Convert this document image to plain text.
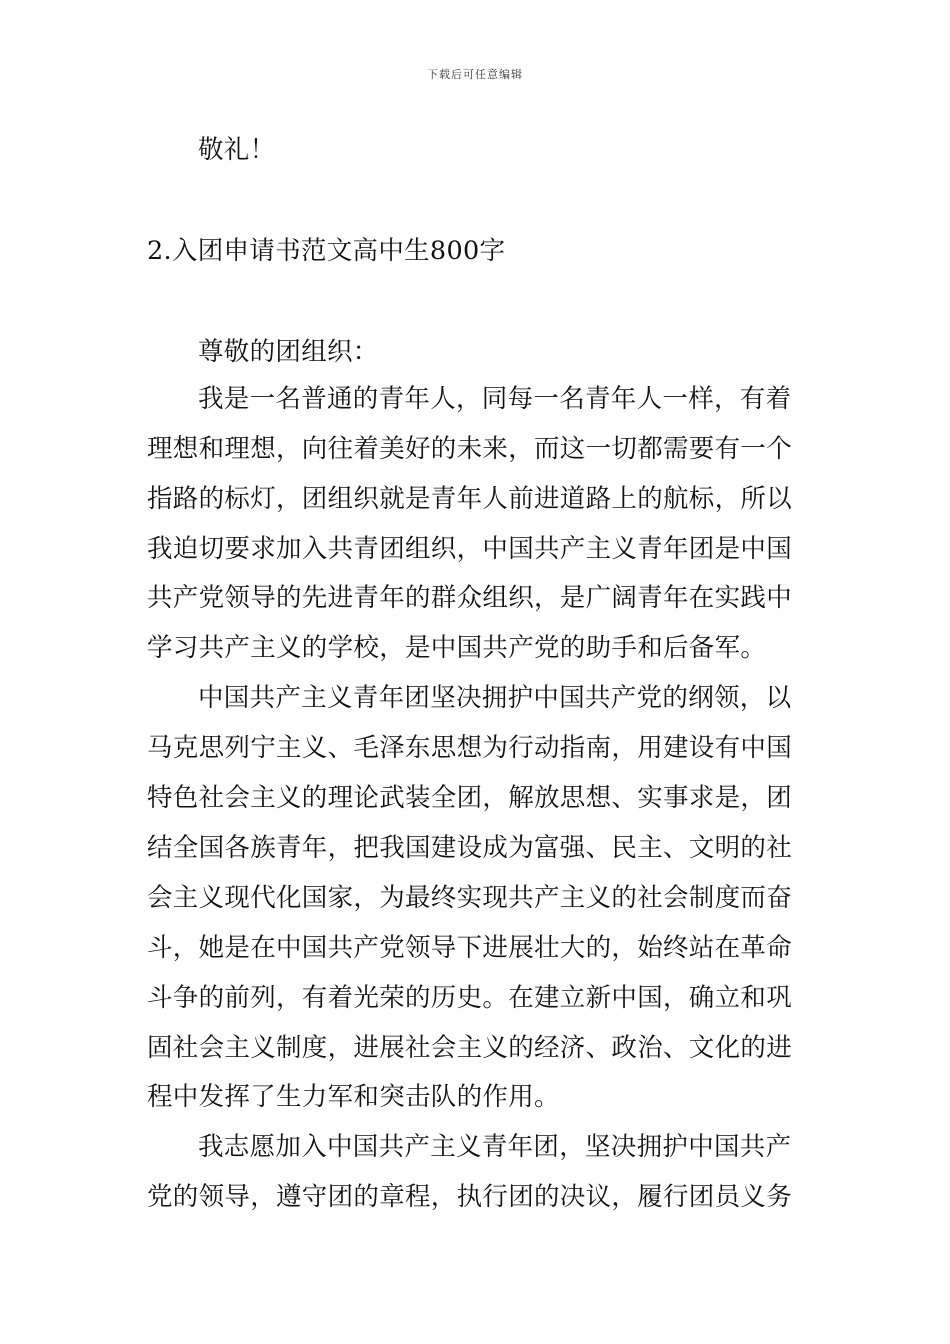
下载后可任意编辑
敬礼！
2.入团申请书范文高中生800字
尊敬的团组织：
我是一名普通的青年人，同每一名青年人一样，有着
理想和理想，向往着美好的未来，而这一切都需要有一个
指路的标灯，团组织就是青年人前进道路上的航标，所以
我迫切要求加入共青团组织，中国共产主义青年团是中国
共产党领导的先进青年的群众组织，是广阔青年在实践中
学习共产主义的学校，是中国共产党的助手和后备军。
中国共产主义青年团坚决拥护中国共产党的纲领，以
马克思列宁主义、毛泽东思想为行动指南，用建设有中国
特色社会主义的理论武装全团，解放思想、实事求是，团
结全国各族青年，把我国建设成为富强、民主、文明的社
会主义现代化国家，为最终实现共产主义的社会制度而奋
斗，她是在中国共产党领导下进展壮大的，始终站在革命
斗争的前列，有着光荣的历史。在建立新中国，确立和巩
固社会主义制度，进展社会主义的经济、政治、文化的进
程中发挥了生力军和突击队的作用。
我志愿加入中国共产主义青年团，坚决拥护中国共产
党的领导，遵守团的章程，执行团的决议，履行团员义务
